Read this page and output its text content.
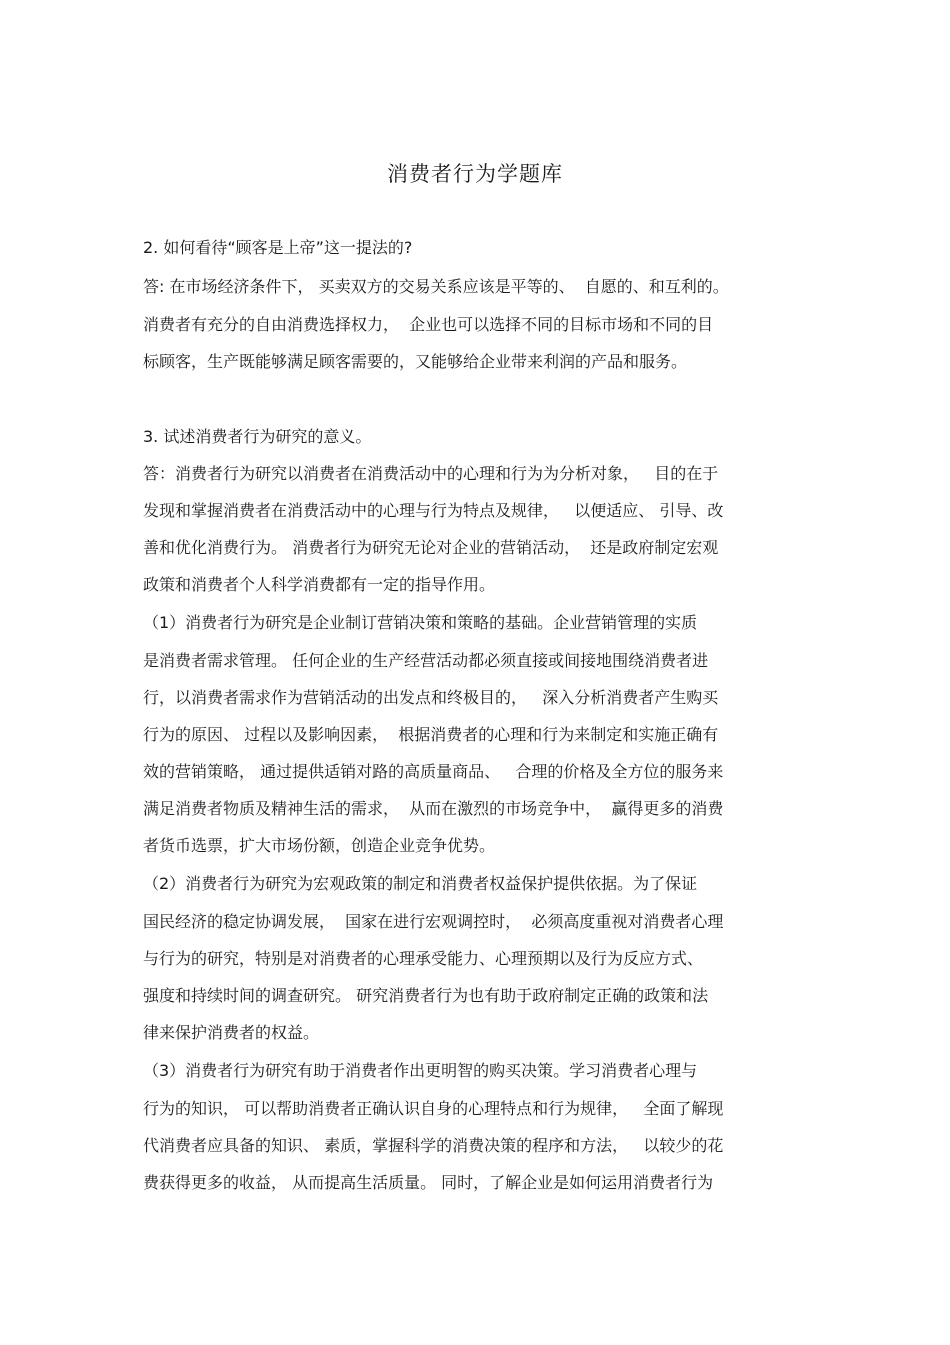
消费者行为学题库
2. 如何看待“顾客是上帝”这一提法的?
答: 在市场经济条件下， 买卖双方的交易关系应该是平等的、  自愿的、和互利的。
消费者有充分的自由消费选择权力，  企业也可以选择不同的目标市场和不同的目
标顾客，生产既能够满足顾客需要的，又能够给企业带来利润的产品和服务。
3. 试述消费者行为研究的意义。
答：消费者行为研究以消费者在消费活动中的心理和行为为分析对象，   目的在于
发现和掌握消费者在消费活动中的心理与行为特点及规律，   以便适应、 引导、改
善和优化消费行为。 消费者行为研究无论对企业的营销活动，  还是政府制定宏观
政策和消费者个人科学消费都有一定的指导作用。
（1）消费者行为研究是企业制订营销决策和策略的基础。企业营销管理的实质
是消费者需求管理。 任何企业的生产经营活动都必须直接或间接地围绕消费者进
行，以消费者需求作为营销活动的出发点和终极目的，   深入分析消费者产生购买
行为的原因、 过程以及影响因素，  根据消费者的心理和行为来制定和实施正确有
效的营销策略， 通过提供适销对路的高质量商品、   合理的价格及全方位的服务来
满足消费者物质及精神生活的需求，  从而在激烈的市场竞争中，  赢得更多的消费
者货币选票，扩大市场份额，创造企业竞争优势。
（2）消费者行为研究为宏观政策的制定和消费者权益保护提供依据。为了保证
国民经济的稳定协调发展，  国家在进行宏观调控时，  必须高度重视对消费者心理
与行为的研究，特别是对消费者的心理承受能力、心理预期以及行为反应方式、
强度和持续时间的调查研究。 研究消费者行为也有助于政府制定正确的政策和法
律来保护消费者的权益。
（3）消费者行为研究有助于消费者作出更明智的购买决策。学习消费者心理与
行为的知识， 可以帮助消费者正确认识自身的心理特点和行为规律，   全面了解现
代消费者应具备的知识、 素质，掌握科学的消费决策的程序和方法，   以较少的花
费获得更多的收益， 从而提高生活质量。 同时，了解企业是如何运用消费者行为
